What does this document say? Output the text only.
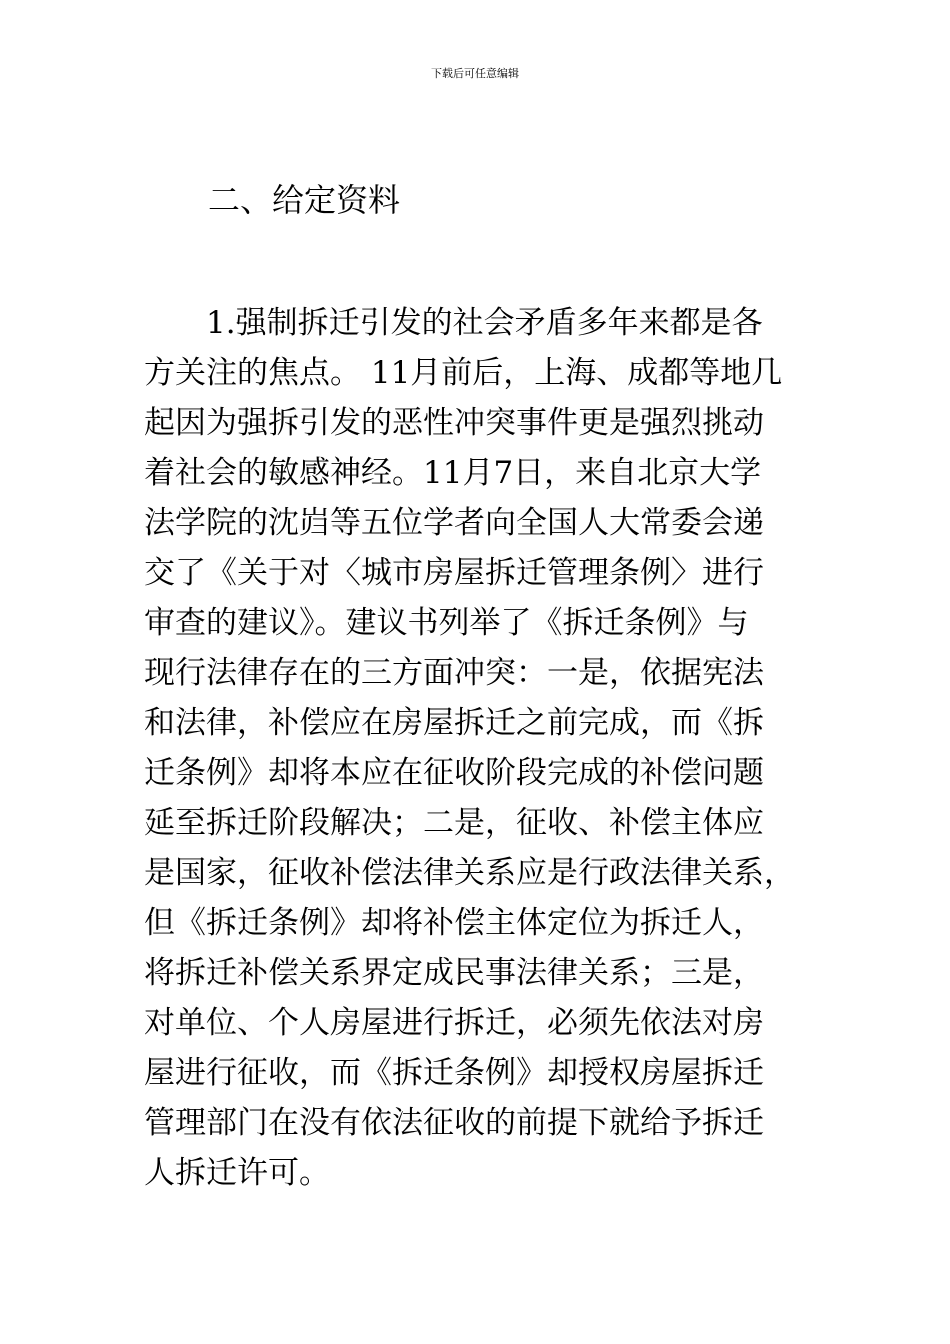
下载后可任意编辑
二、给定资料
1.强制拆迁引发的社会矛盾多年来都是各
方关注的焦点。 11月前后，上海、成都等地几
起因为强拆引发的恶性冲突事件更是强烈挑动
着社会的敏感神经。11月7日，来自北京大学
法学院的沈岿等五位学者向全国人大常委会递
交了《关于对〈城市房屋拆迁管理条例〉进行
审查的建议》。建议书列举了《拆迁条例》与
现行法律存在的三方面冲突：一是，依据宪法
和法律，补偿应在房屋拆迁之前完成，而《拆
迁条例》却将本应在征收阶段完成的补偿问题
延至拆迁阶段解决；二是，征收、补偿主体应
是国家，征收补偿法律关系应是行政法律关系，
但《拆迁条例》却将补偿主体定位为拆迁人，
将拆迁补偿关系界定成民事法律关系；三是，
对单位、个人房屋进行拆迁，必须先依法对房
屋进行征收，而《拆迁条例》却授权房屋拆迁
管理部门在没有依法征收的前提下就给予拆迁
人拆迁许可。
